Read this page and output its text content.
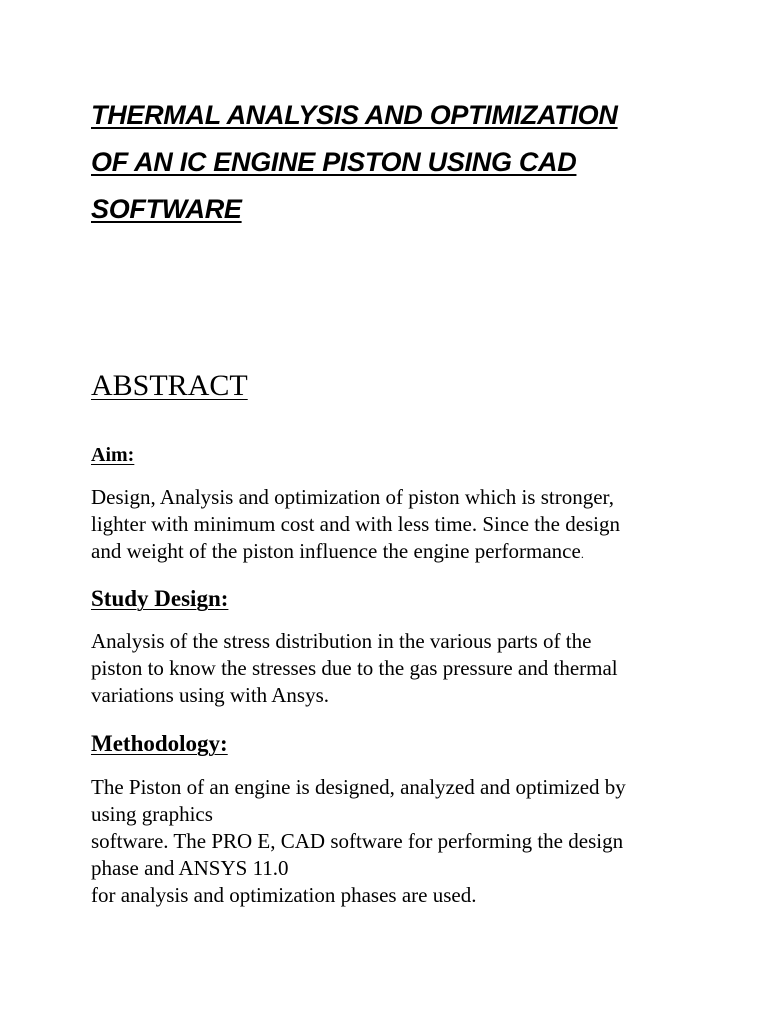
THERMAL ANALYSIS AND OPTIMIZATION
OF AN IC ENGINE PISTON USING CAD
SOFTWARE
ABSTRACT
Aim:

Design, Analysis and optimization of piston which is stronger,
lighter with minimum cost and with less time. Since the design
and weight of the piston influence the engine performance.

Study Design:

Analysis of the stress distribution in the various parts of the
piston to know the stresses due to the gas pressure and thermal
variations using with Ansys.

Methodology:

The Piston of an engine is designed, analyzed and optimized by
using graphics
software. The PRO E, CAD software for performing the design
phase and ANSYS 11.0
for analysis and optimization phases are used.
